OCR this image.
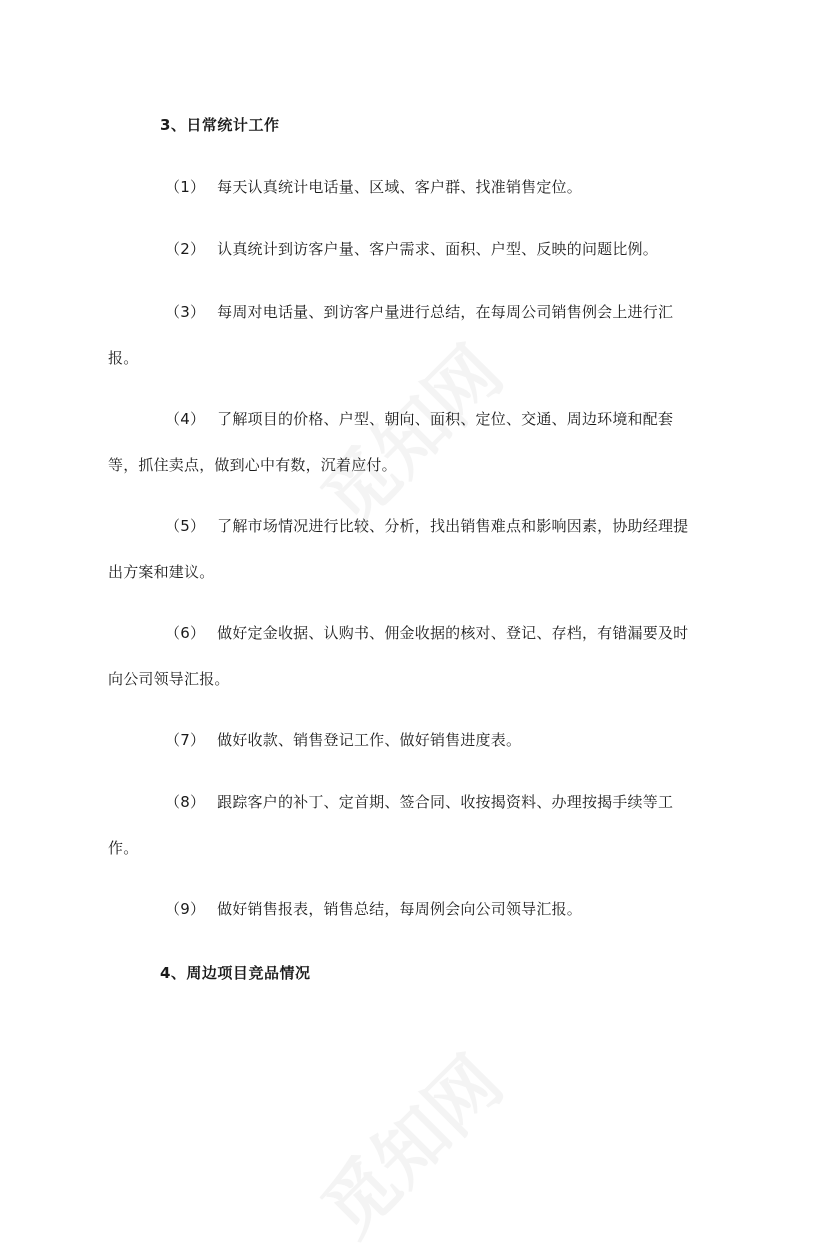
3、日常统计工作
（1） 每天认真统计电话量、区域、客户群、找准销售定位。
（2） 认真统计到访客户量、客户需求、面积、户型、反映的问题比例。
（3） 每周对电话量、到访客户量进行总结，在每周公司销售例会上进行汇报。
（4） 了解项目的价格、户型、朝向、面积、定位、交通、周边环境和配套等，抓住卖点，做到心中有数，沉着应付。
（5） 了解市场情况进行比较、分析，找出销售难点和影响因素，协助经理提出方案和建议。
（6） 做好定金收据、认购书、佣金收据的核对、登记、存档，有错漏要及时向公司领导汇报。
（7） 做好收款、销售登记工作、做好销售进度表。
（8） 跟踪客户的补丁、定首期、签合同、收按揭资料、办理按揭手续等工作。
（9） 做好销售报表，销售总结，每周例会向公司领导汇报。
4、周边项目竞品情况
